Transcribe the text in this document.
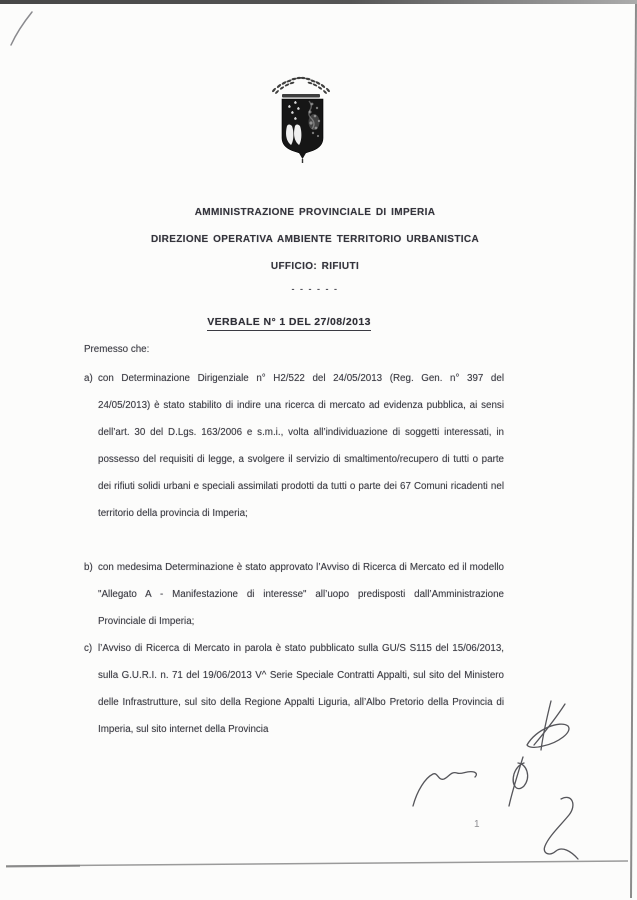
AMMINISTRAZIONE PROVINCIALE DI IMPERIA
DIREZIONE OPERATIVA AMBIENTE TERRITORIO URBANISTICA
UFFICIO: RIFIUTI
- - - - - -
VERBALE N° 1 DEL 27/08/2013
Premesso che:
a) con Determinazione Dirigenziale n° H2/522 del 24/05/2013 (Reg. Gen. n° 397 del 24/05/2013) è stato stabilito di indire una ricerca di mercato ad evidenza pubblica, ai sensi dell’art. 30 del D.Lgs. 163/2006 e s.m.i., volta all’individuazione di soggetti interessati, in possesso del requisiti di legge, a svolgere il servizio di smaltimento/recupero di tutti o parte dei rifiuti solidi urbani e speciali assimilati prodotti da tutti o parte dei 67 Comuni ricadenti nel territorio della provincia di Imperia;
b) con medesima Determinazione è stato approvato l’Avviso di Ricerca di Mercato ed il modello "Allegato A - Manifestazione di interesse" all’uopo predisposti dall’Amministrazione Provinciale di Imperia;
c) l’Avviso di Ricerca di Mercato in parola è stato pubblicato sulla GU/S S115 del 15/06/2013, sulla G.U.R.I. n. 71 del 19/06/2013 V^ Serie Speciale Contratti Appalti, sul sito del Ministero delle Infrastrutture, sul sito della Regione Appalti Liguria, all’Albo Pretorio della Provincia di Imperia, sul sito internet della Provincia
1
